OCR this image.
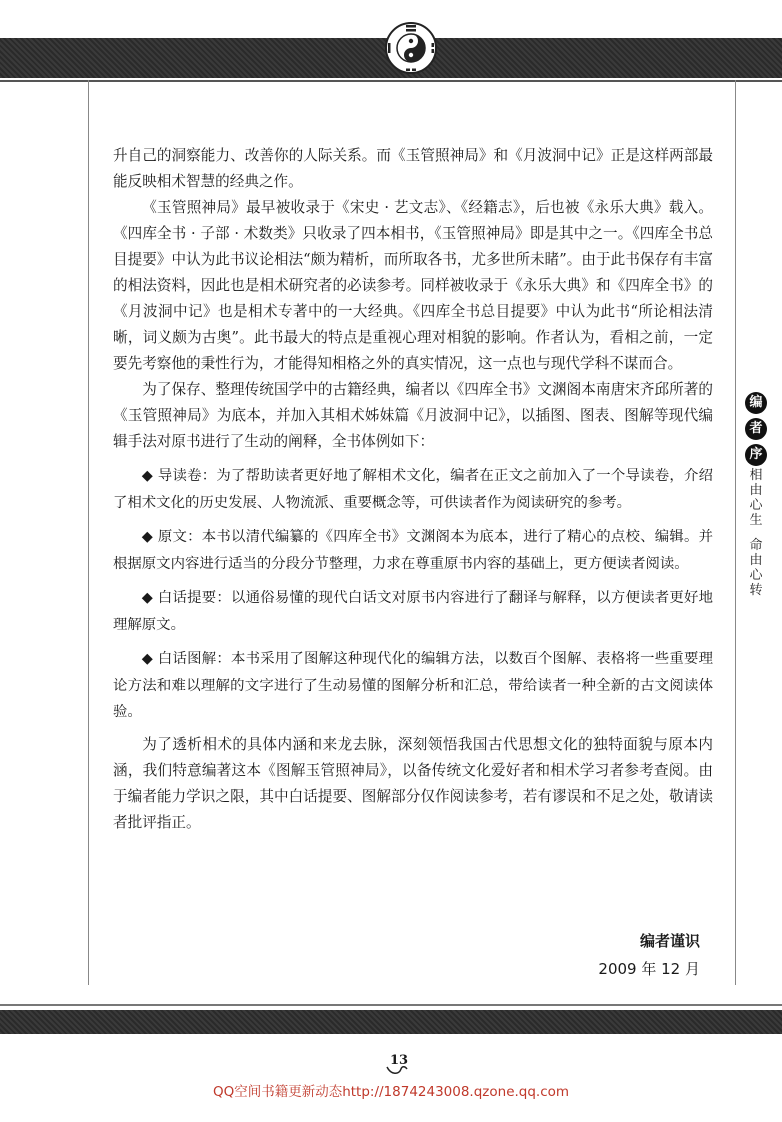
升自己的洞察能力、改善你的人际关系。而《玉管照神局》和《月波洞中记》正是这样两部最能反映相术智慧的经典之作。

《玉管照神局》最早被收录于《宋史 · 艺文志》、《经籍志》，后也被《永乐大典》载入。《四库全书 · 子部 · 术数类》只收录了四本相书，《玉管照神局》即是其中之一。《四库全书总目提要》中认为此书议论相法“颇为精析，而所取各书，尤多世所未睹”。由于此书保存有丰富的相法资料，因此也是相术研究者的必读参考。同样被收录于《永乐大典》和《四库全书》的《月波洞中记》也是相术专著中的一大经典。《四库全书总目提要》中认为此书“所论相法清晰，词义颇为古奥”。此书最大的特点是重视心理对相貌的影响。作者认为，看相之前，一定要先考察他的秉性行为，才能得知相格之外的真实情况，这一点也与现代学科不谋而合。

为了保存、整理传统国学中的古籍经典，编者以《四库全书》文渊阁本南唐宋齐邱所著的《玉管照神局》为底本，并加入其相术姊妹篇《月波洞中记》，以插图、图表、图解等现代编辑手法对原书进行了生动的阐释，全书体例如下：

◆ 导读卷：为了帮助读者更好地了解相术文化，编者在正文之前加入了一个导读卷，介绍了相术文化的历史发展、人物流派、重要概念等，可供读者作为阅读研究的参考。

◆ 原文：本书以清代编纂的《四库全书》文渊阁本为底本，进行了精心的点校、编辑。并根据原文内容进行适当的分段分节整理，力求在尊重原书内容的基础上，更方便读者阅读。

◆ 白话提要：以通俗易懂的现代白话文对原书内容进行了翻译与解释，以方便读者更好地理解原文。

◆ 白话图解：本书采用了图解这种现代化的编辑方法，以数百个图解、表格将一些重要理论方法和难以理解的文字进行了生动易懂的图解分析和汇总，带给读者一种全新的古文阅读体验。

为了透析相术的具体内涵和来龙去脉，深刻领悟我国古代思想文化的独特面貌与原本内涵，我们特意编著这本《图解玉管照神局》，以备传统文化爱好者和相术学习者参考查阅。由于编者能力学识之限，其中白话提要、图解部分仅作阅读参考，若有谬误和不足之处，敬请读者批评指正。

编者谨识
2009 年 12 月
编
者
序
相
由
心
生
命
由
心
转
13
QQ空间书籍更新动态http://1874243008.qzone.qq.com
